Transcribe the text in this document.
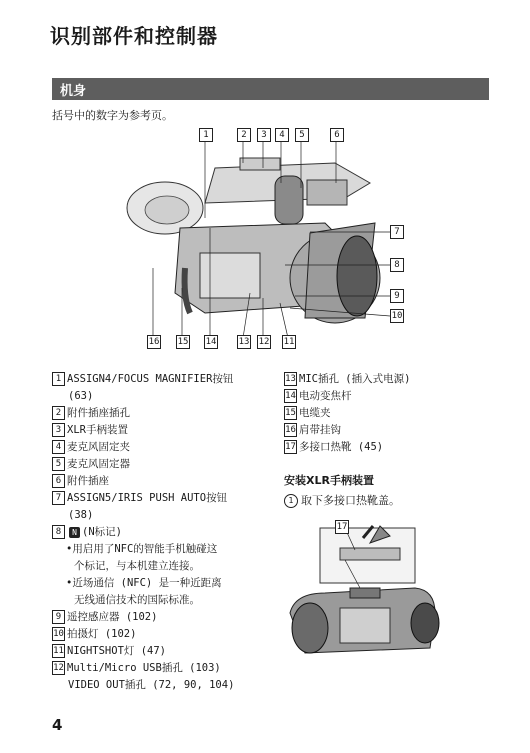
识别部件和控制器
机身
括号中的数字为参考页。
1	2	3	4	5	6
7
8
9
10
16 15 14 13 12 11
1 ASSIGN4/FOCUS MAGNIFIER按钮
(63)
2 附件插座插孔
3 XLR手柄装置
4 麦克风固定夹
5 麦克风固定器
6 附件插座
7 ASSIGN5/IRIS PUSH AUTO按钮
(38)
8 N (N标记)
•用启用了NFC的智能手机触碰这
个标记，与本机建立连接。
•近场通信 (NFC) 是一种近距离
无线通信技术的国际标准。
9 遥控感应器 (102)
10 拍摄灯 (102)
11 NIGHTSHOT灯 (47)
12 Multi/Micro USB插孔 (103)
VIDEO OUT插孔 (72, 90, 104)
13 MIC插孔 (插入式电源)
14 电动变焦杆
15 电缆夹
16 肩带挂钩
17 多接口热靴 (45)
安装XLR手柄装置
1 取下多接口热靴盖。
17
4
